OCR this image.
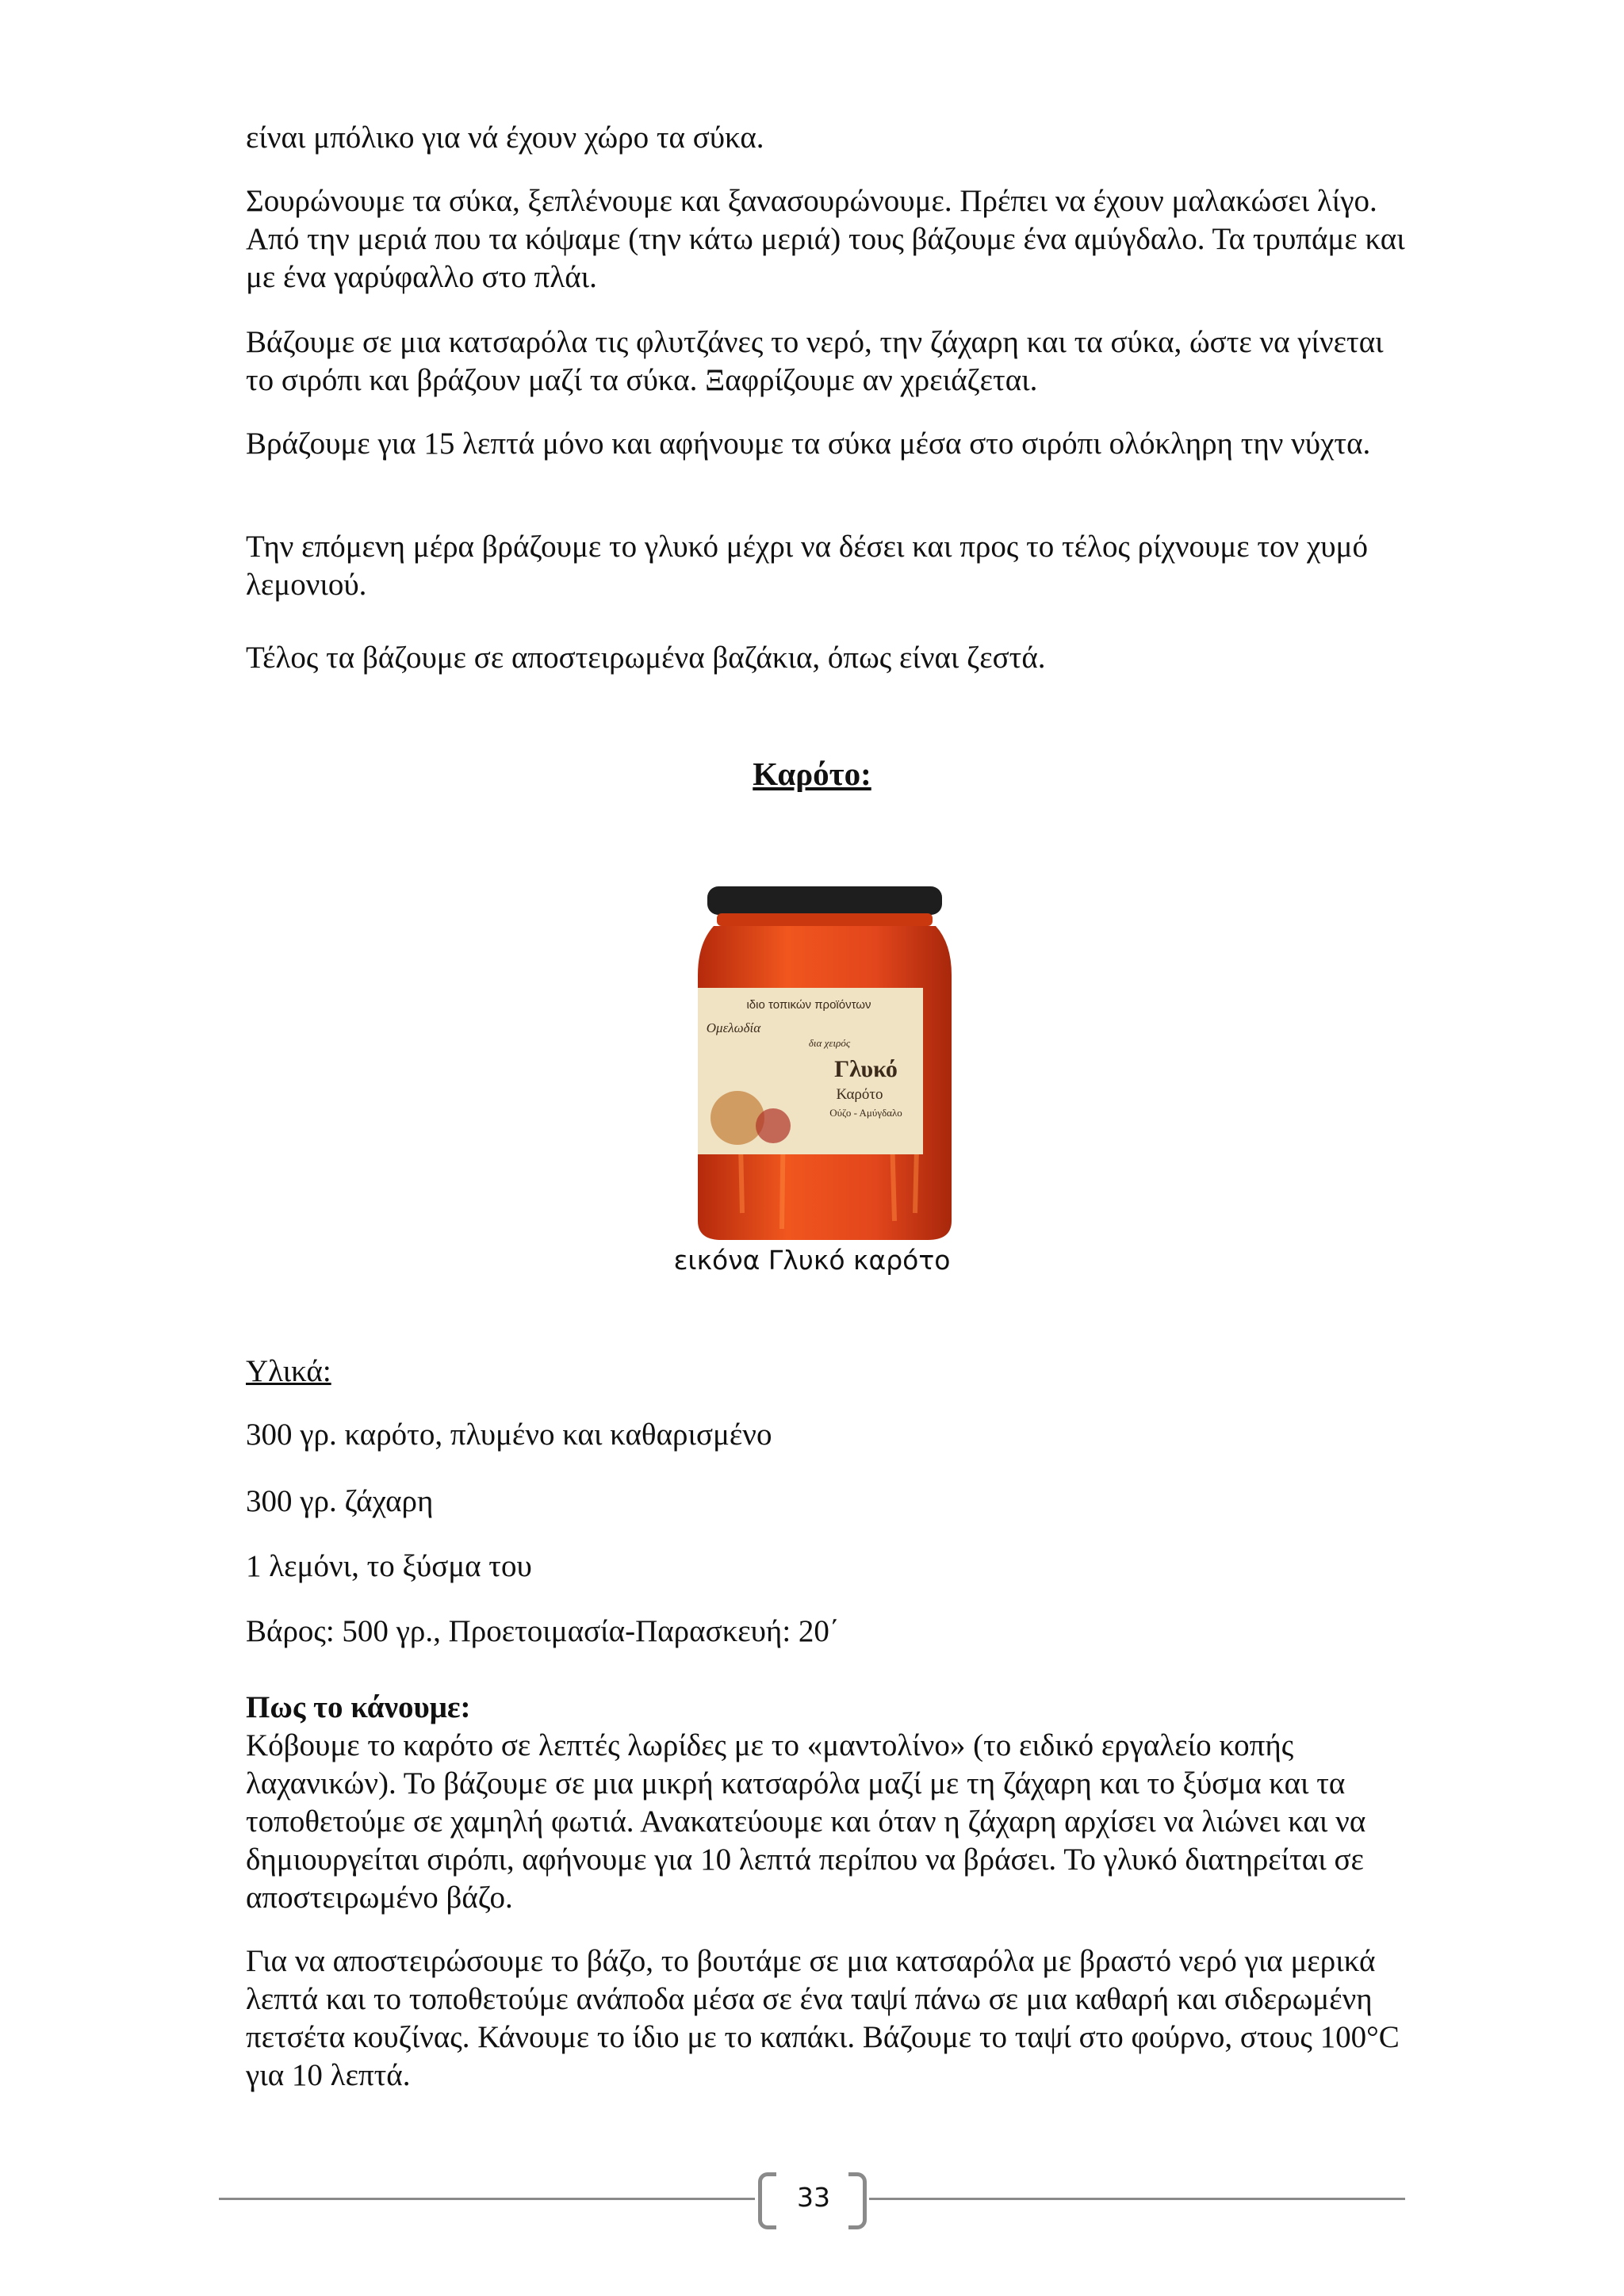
είναι μπόλικο για νά έχουν χώρο τα σύκα.

Σουρώνουμε τα σύκα, ξεπλένουμε και ξανασουρώνουμε. Πρέπει να έχουν μαλακώσει λίγο. Από την μεριά που τα κόψαμε (την κάτω μεριά) τους βάζουμε ένα αμύγδαλο. Τα τρυπάμε και με ένα γαρύφαλλο στο πλάι.

Βάζουμε σε μια κατσαρόλα τις φλυτζάνες το νερό, την ζάχαρη και τα σύκα, ώστε να γίνεται το σιρόπι και βράζουν μαζί τα σύκα. Ξαφρίζουμε αν χρειάζεται.

Βράζουμε για 15 λεπτά μόνο και αφήνουμε τα σύκα μέσα στο σιρόπι ολόκληρη την νύχτα.

Την επόμενη μέρα βράζουμε το γλυκό μέχρι να δέσει και προς το τέλος ρίχνουμε τον χυμό λεμονιού.

Τέλος τα βάζουμε σε αποστειρωμένα βαζάκια, όπως είναι ζεστά.

Καρότο:
ιδιο τοπικών προϊόντων
Ομελωδία
δια χειρός
Γλυκό
Καρότο
Ούζο - Αμύγδαλο
εικόνα Γλυκό καρότο

Υλικά:

300 γρ. καρότο, πλυμένο και καθαρισμένο

300 γρ. ζάχαρη

1 λεμόνι, το ξύσμα του

Βάρος: 500 γρ., Προετοιμασία-Παρασκευή: 20΄

Πως το κάνουμε:
Κόβουμε το καρότο σε λεπτές λωρίδες με το «μαντολίνο» (το ειδικό εργαλείο κοπής λαχανικών). Το βάζουμε σε μια μικρή κατσαρόλα μαζί με τη ζάχαρη και το ξύσμα και τα τοποθετούμε σε χαμηλή φωτιά. Ανακατεύουμε και όταν η ζάχαρη αρχίσει να λιώνει και να δημιουργείται σιρόπι, αφήνουμε για 10 λεπτά περίπου να βράσει. Το γλυκό διατηρείται σε αποστειρωμένο βάζο.

Για να αποστειρώσουμε το βάζο, το βουτάμε σε μια κατσαρόλα με βραστό νερό για μερικά λεπτά και το τοποθετούμε ανάποδα μέσα σε ένα ταψί πάνω σε μια καθαρή και σιδερωμένη πετσέτα κουζίνας. Κάνουμε το ίδιο με το καπάκι. Βάζουμε το ταψί στο φούρνο, στους 100°C για 10 λεπτά.

33
